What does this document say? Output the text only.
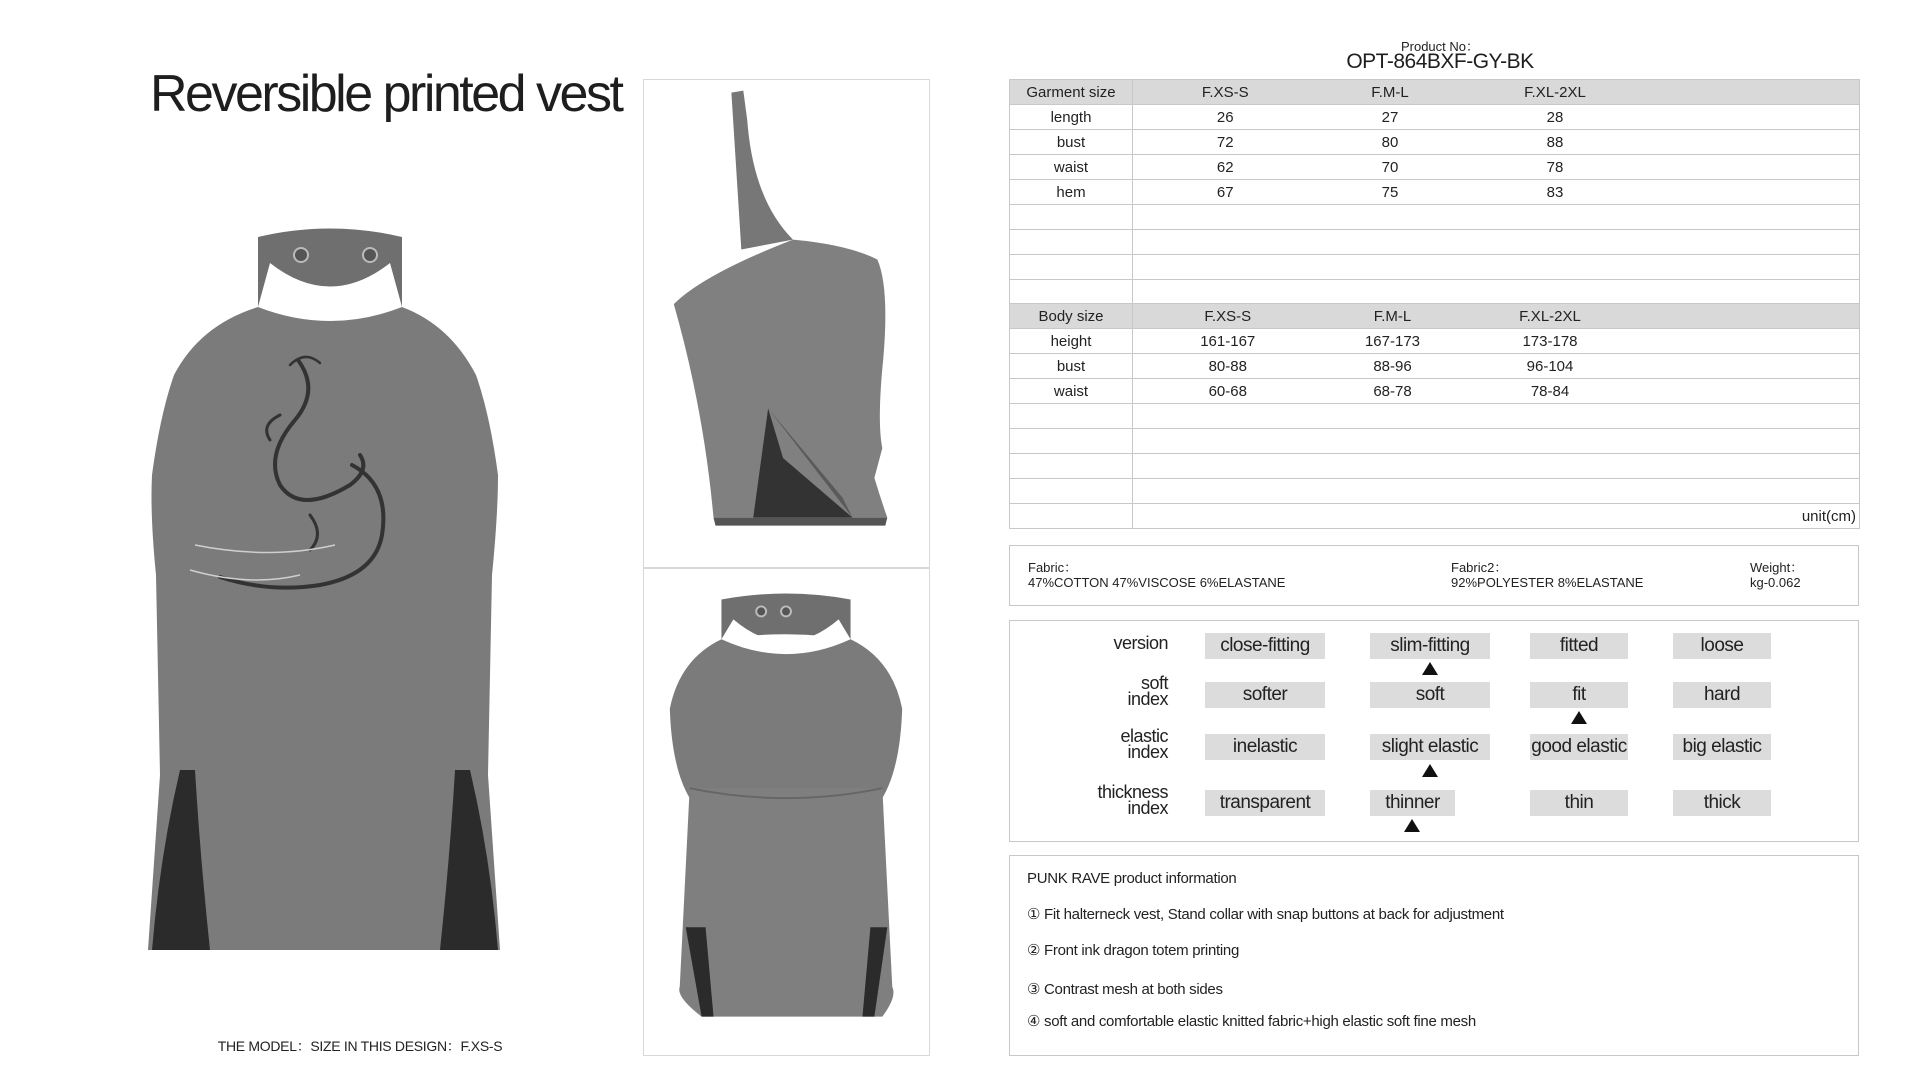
Reversible printed vest
THE MODEL：SIZE IN THIS DESIGN：F.XS-S
Product No：
OPT-864BXF-GY-BK
Garment size	F.XS-S	F.M-L	F.XL-2XL	
length	26	27	28	
bust	72	80	88	
waist	62	70	78	
hem	67	75	83	

Body size	F.XS-S	F.M-L	F.XL-2XL	
height	161-167	167-173	173-178	
bust	80-88	88-96	96-104	
waist	60-68	68-78	78-84	

	unit(cm)			
Fabric：
47%COTTON 47%VISCOSE 6%ELASTANE
Fabric2：
92%POLYESTER 8%ELASTANE
Weight：
kg-0.062
version	close-fitting	slim-fitting	fitted	loose
soft
index	softer	soft	fit	hard
elastic
index	inelastic	slight elastic	good elastic	big elastic
thickness
index	transparent	thinner	thin	thick
PUNK RAVE product information
① Fit halterneck vest, Stand collar with snap buttons at back for adjustment
② Front ink dragon totem printing
③ Contrast mesh at both sides
④ soft and comfortable elastic knitted fabric+high elastic soft fine mesh
